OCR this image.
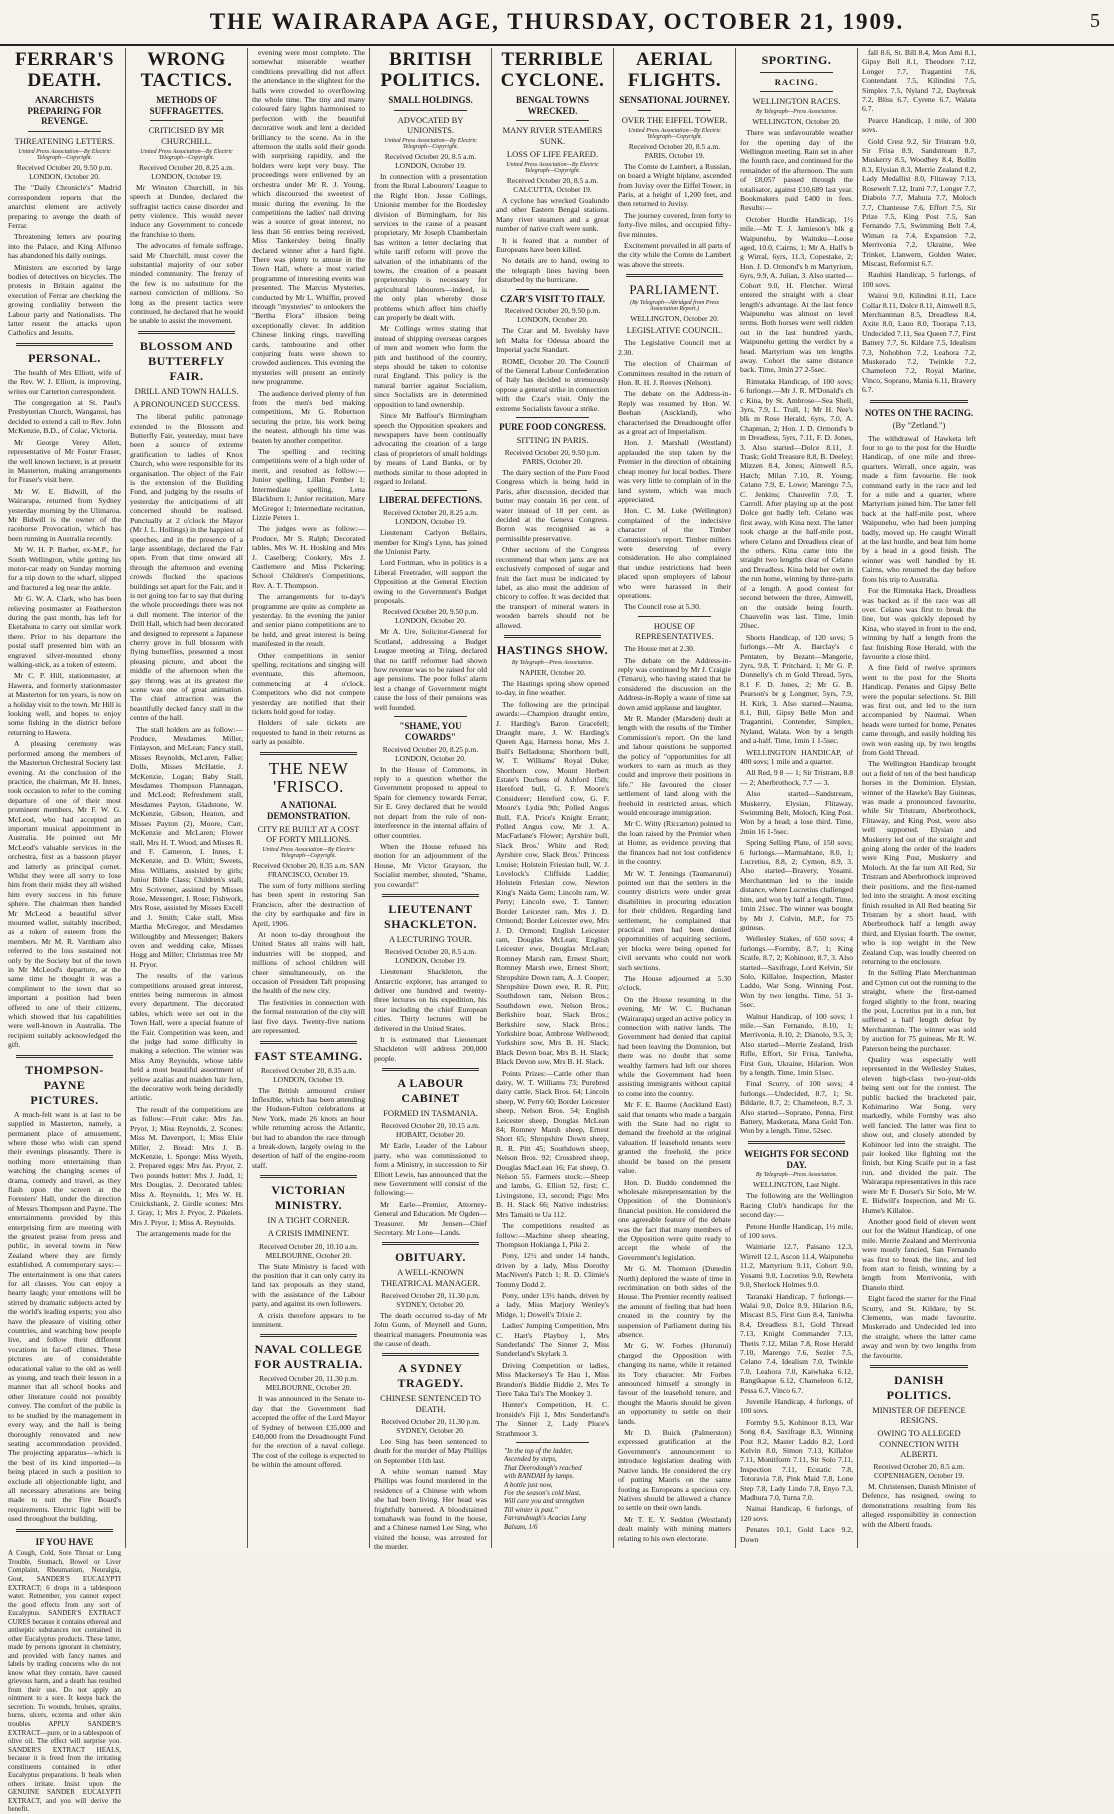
THE WAIRARAPA AGE, THURSDAY, OCTOBER 21, 1909.	5
FERRAR'S DEATH.
ANARCHISTS PREPARING FOR REVENGE.
THREATENING LETTERS.
United Press Association—By Electric Telegraph—Copyright.
Received October 20, 9.50 p.m. LONDON, October 20.

The "Daily Chronicle's" Madrid correspondent reports that the anarchist element are actively preparing to avenge the death of Ferrar.

Threatening letters are pouring into the Palace, and King Alfonso has abandoned his daily outings.

Ministers are escorted by large bodies of detectives on bicycles. The protests in Britain against the execution of Ferrar are checking the growing cordiality between the Labour party and Nationalists. The latter resent the attacks upon Catholics and Jesuits.

PERSONAL.

The health of Mrs Elliott, wife of the Rev. W. J. Elliott, is improving, writes our Carterton correspondent.

The congregation at St. Paul's Presbyterian Church, Wanganui, has decided to extend a call to Rev. John McKenzie, B.D., of Colac, Victoria.

Mr George Verey Allen, representative of Mr Foster Fraser, the well known lecturer, is at present in Masterton, making arrangements for Fraser's visit here.

Mr W. E. Bidwill, of the Wairarapa, returned from Sydney yesterday morning by the Ulimaroa. Mr Bidwill is the owner of the racehorse Provocation, which has been running in Australia recently.

Mr W. H. P. Barber, ex-M.P., for South Wellington, while getting his motor-car ready on Sunday morning for a trip down to the wharf, slipped and fractured a leg near the ankle.

Mr G. W. A. Clark, who has been relieving postmaster at Featherston during the past month, has left for Eketahuna to carry out similar work there. Prior to his departure the postal staff presented him with an engraved silver-mounted ebony walking-stick, as a token of esteem.

Mr C. P. Hill, stationmaster, at Hawera, and formerly stationmaster at Masterton for ten years, is now on a holiday visit to the town. Mr Hill is looking well, and hopes to enjoy some fishing in the district before returning to Hawera.

A pleasing ceremony was performed among the members of the Masterton Orchestral Society last evening. At the conclusion of the practice, the chairman, Mr H. Innes, took occasion to refer to the coming departure of one of their most prominent members, Mr F. W. G. McLeod, who had accepted an important musical appointment in Australia. He pointed out Mr McLeod's valuable services in the orchestra, first as a bassoon player and latterly as principal cornet. Whilst they were all sorry to lose him from their midst they all wished him every success in his future sphere. The chairman then handed Mr McLeod a beautiful silver mounted wallet, suitably inscribed, as a token of esteem from the members. Mr M. R. Varnham also referred to the loss sustained not only by the Society but of the town in Mr McLeod's departure, at the same time he thought it was a compliment to the town that so important a position had been offered to one of their citizens, which showed that his capabilities were well-known in Australia. The recipient suitably acknowledged the gift.

THOMPSON-PAYNE PICTURES.

A much-felt want is at last to be supplied in Masterton, namely, a permanent place of amusement, where those who wish can spend their evenings pleasantly. There is nothing more entertaining than watching the changing scenes of drama, comedy and travel, as they flash upon the screen at the Foresters' Hall, under the direction of Messrs Thompson and Payne. The entertainments provided by this enterprising firm are meeting with the greatest praise from press and public, in several towns in New Zealand where they are firmly established. A contemporary says:—The entertainment is one that caters for all classes. You can enjoy a hearty laugh; your emotions will be stirred by dramatic subjects acted by the world's leading experts; you also have the pleasure of visiting other countries, and watching how people live, and follow their different vocations in far-off climes. These pictures are of considerable educational value to the old as well as young, and teach their lesson in a manner that all school books and other literature could not possibly convey. The comfort of the public is to be studied by the management in every way, and the hall is being thoroughly renovated and new seating accommodation provided. The projecting apparatus—which is the best of its kind imported—is being placed in such a position to exclude all objectionable light, and all necessary alterations are being made to suit the Fire Board's requirements. Electric light will be used throughout the building.

IF YOU HAVE

A Cough, Cold, Sore Throat or Lung Trouble, Stomach, Bowel or Liver Complaint, Rheumatism, Neuralgia, Gout, SANDER'S EUCALYPTI EXTRACT; 6 drops in a tablespoon water. Remember, you cannot expect the good effects from any sort of Eucalyptus. SANDER'S EXTRACT CURES because it contains ethereal and antiseptic substances not contained in other Eucalyptus products. These latter, made by persons ignorant in chemistry, and provided with fancy names and labels by trading concerns who do not know what they contain, have caused grievous harm, and a death has resulted from their use. Do not apply an ointment to a sore. It keeps back the secretion. To wounds, bruises, sprains, burns, ulcers, eczema and other skin troubles APPLY SANDER'S EXTRACT—pure, or in a tablespoon of olive oil. The effect will surprise you. SANDER'S EXTRACT HEALS, because it is freed from the irritating constituents contained in other Eucalyptus preparations. It heals when others irritate. Insist upon the GENUINE SANDER EUCALYPTI EXTRACT, and you will derive the benefit.

WRONG TACTICS.
METHODS OF SUFFRAGETTES.
CRITICISED BY MR CHURCHILL.
United Press Association—By Electric Telegraph—Copyright.
Received October 20, 8.25 a.m. LONDON, October 19.

Mr Winston Churchill, in his speech at Dundee, declared the suffragist tactics cause disorder and petty violence. This would never induce any Government to concede the franchise to them.

The advocates of female suffrage, said Mr Churchill, must cover the substantial majority of our sober minded community. The frenzy of the few is no substitute for the earnest conviction of millions. So long as the present tactics were continued, he declared that he would be unable to assist the movement.

BLOSSOM AND BUTTERFLY FAIR.
DRILL AND TOWN HALLS.
A PRONOUNCED SUCCESS.

The liberal public patronage extended to the Blossom and Butterfly Fair, yesterday, must have been a source of extreme gratification to ladies of Knox Church, who were responsible for its organisation. The object of the Fair is the extension of the Building Fund, and judging by the results of yesterday the anticipations of all concerned should be realised. Punctually at 2 o'clock the Mayor (Mr J. L. Hollings) in the happiest of speeches, and in the presence of a large assemblage, declared the Fair open. From that time onward all through the afternoon and evening crowds flocked the spacious buildings set apart for the Fair, and it is not going too far to say that during the whole proceedings there was not a dull moment. The interior of the Drill Hall, which had been decorated and designed to represent a Japanese cherry grove in full blossom with flying butterflies, presented a most pleasing picture, and about the middle of the afternoon when the gay throng was at its greatest the scene was one of great animation. The chief attraction was the beautifully decked fancy stall in the centre of the hall.

The stall holders are as follow:—Produce, Mesdames Miller, Finlayson, and McLean; Fancy stall, Misses Reynolds, McLaren, Falke; Dolls, Misses McHattie, J. McKenzie, Logan; Baby Stall, Mesdames Thompson Flannagan, and McLeod; Refreshment stall, Mesdames Payton, Gladstone, W. McKenzie, Gibson, Heaton, and Misses Payton (2), Moore, Carr, McKenzie and McLaren; Flower stall, Mrs H. T. Wood, and Misses R. and F. Cameron, I. Innes, I. McKenzie, and D. Whitt; Sweets, Miss Williams, assisted by girls; Junior Bible Class; Children's stall, Mrs Scrivener, assisted by Misses Rose, Messenger, I. Rose; Fishwork, Mrs Rose, assisted by Misses Excell and J. Smith; Cake stall, Miss Martha McGregor, and Mesdames Willoughby and Messenger; Bakers oven and wedding cake, Misses Hogg and Miller; Christmas tree Mr H. Pryor.

The results of the various competitions aroused great interest, entries being numerous in almost every department. The decorated tables, which were set out in the Town Hall, were a special feature of the Fair. Competition was keen, and the judge had some difficulty in making a selection. The winner was Miss Amy Reynolds, whose table held a most beautiful assortment of yellow azalias and maiden hair fern, the decorative work being decidedly artistic.

The result of the competitions are as follow:—Fruit cake: Mrs Jas. Pryor, 1; Miss Reynolds, 2. Scones: Miss M. Davenport, 1; Miss Elsie Miller, 2. Bread: Mrs J. B. McKenzie, 1. Sponge: Miss Wyeth, 2. Prepared eggs: Mrs Jas. Pryor, 2. Two pounds butter: Mrs J. Judd, 1; Mrs Douglas, 2. Decorated tables: Miss A. Reynolds, 1; Mrs W. H. Cruickshank, 2. Girdle scones: Mrs J. Gray, 1; Mrs J. Pryor, 2. Pikelets. Mrs J. Pryor, 1; Miss A. Reynolds.

The arrangements made for the

evening were most complete. The somewhat miserable weather conditions prevailing did not affect the attendance in the slightest for the halls were crowded to overflowing the whole time. The tiny and many coloured fairy lights harmonised to perfection with the beautiful decorative work and lent a decided brilliancy to the scene. As in the afternoon the stalls sold their goods with surprising rapidity, and the holders were kept very busy. The proceedings were enlivened by an orchestra under Mr R. J. Young, which discoursed the sweetest of music during the evening. In the competitions the ladies' nail driving was a source of great interest, no less than 56 entries being received, Miss Tankersley being finally declared winner after a hard fight. There was plenty to amuse in the Town Hall, where a most varied programme of interesting events was presented. The Marcus Mysteries, conducted by Mr L. Whiffin, proved through "mysteries" to onlookers the "Bertha Flora" illusion being exceptionally clever. In addition Chinese linking rings, travelling cards, tambourine and other conjuring feats were shown to crowded audiences. This evening the mysteries will present an entirely new programme.

The audience derived plenty of fun from the men's bed making competitions, Mr G. Robertson securing the prize, his work being the neatest, although his time was beaten by another competitor.

The spelling and reciting competitions were of a high order of merit, and resulted as follow:—Junior spelling, Lillan Pember 1; Intermediate spelling, Lena Blackburn 1; Junior recitation, Mary McGregor 1; Intermediate recitation, Lizzie Peters 1.

The judges were as follow:—Produce, Mr S. Ralph; Decorated tables, Mrs W. H. Hosking and Mrs J. Caselberg; Cookery, Mrs J. Castlemere and Miss Pickering; School Children's Competitions, Rev. A. T. Thompson.

The arrangements for to-day's programme are quite as complete as yesterday. In the evening the junior and senior piano competitions are to be held, and great interest is being manifested in the result.

Other competitions in senior spelling, recitations and singing will eventuate, this afternoon, commencing at 4 o'clock. Competitors who did not compete yesterday are notified that their tickets hold good for today.

Holders of sale tickets are requested to hand in their returns as early as possible.

THE NEW 'FRISCO.
A NATIONAL DEMONSTRATION.
CITY RE BUILT AT A COST OF FORTY MILLIONS.
United Press Association—By Electric Telegraph—Copyright.
Received October 20, 8.35 a.m. SAN FRANCISCO, October 19.

The sum of forty millions sterling has been spent in restoring San Francisco, after the destruction of the city by earthquake and fire in April, 1906.

At noon to-day throughout the United States all trains will halt, industries will be stopped, and millions of school children will cheer simultaneously, on the occasion of President Taft proposing the health of the new city.

The festivities in connection with the formal restoration of the city will last five days. Twenty-five nations are represented.

FAST STEAMING.
Received October 20, 8.35 a.m. LONDON, October 19.

The British armoured cruiser Inflexible, which has been attending the Hudson-Fulton celebrations at New York, made 26 knots an hour while returning across the Atlantic, but had to abandon the race through a break-down, largely owing to the desertion of half of the engine-room staff.

VICTORIAN MINISTRY.
IN A TIGHT CORNER.
A CRISIS IMMINENT.
Received October 20, 10.10 a.m. MELBOURNE, October 20.

The State Ministry is faced with the position that it can only carry its land tax proposals as they stand, with the assistance of the Labour party, and against its own followers.

A crisis therefore appears to be imminent.

NAVAL COLLEGE FOR AUSTRALIA.
Received October 20, 11.30 p.m. MELBOURNE, October 20.

It was announced in the Senate to-day that the Government had accepted the offer of the Lord Mayor of Sydney of between £35,000 and £40,000 from the Dreadnought Fund for the erection of a naval college. The cost of the college is expected to be within the amount offered.

BRITISH POLITICS.
SMALL HOLDINGS.
ADVOCATED BY UNIONISTS.
United Press Association—By Electric Telegraph—Copyright.
Received October 20, 8.5 a.m. LONDON, October 19.

In connection with a presentation from the Rural Labourers' League to the Right Hon. Jesse Collings, Unionist member for the Bordesley division of Birmingham, for his services to the cause of a peasant proprietary, Mr Joseph Chamberlain has written a letter declaring that while tariff reform will prove the salvation of the inhabitants of the towns, the creation of a peasant proprietorship is necessary for agricultural labourers—indeed, is the only plan whereby those problems which affect him chiefly can properly be dealt with.

Mr Collings writes stating that instead of shipping overseas cargoes of men and women who form the pith and lustihood of the country, steps should be taken to colonise rural England. This policy is the natural barrier against Socialism, since Socialists are in determined opposition to land ownership.

Since Mr Balfour's Birmingham speech the Opposition speakers and newspapers have been continually advocating the creation of a large class of proprietors of small holdings by means of Land Banks, or by methods similar to those adopted in regard to Ireland.

LIBERAL DEFECTIONS.
Received October 20, 8.25 a.m. LONDON, October 19.

Lieutenant Carlyon Bellairs, member for King's Lynn, has joined the Unionist Party.

Lord Fortman, who in politics is a Liberal Freetrader, will support the Opposition at the General Election owing to the Government's Budget proposals.

Received October 20, 9.50 p.m. LONDON, October 20.

Mr A. Ure, Solicitor-General for Scotland, addressing a Budget League meeting at Tring, declared that no tariff reformer had shown how revenue was to be raised for old age pensions. The poor folks' alarm lest a change of Government might cause the loss of their pensions was well founded.

"SHAME, YOU COWARDS"
Received October 20, 8.25 p.m. LONDON, October 20.

In the House of Commons, in reply to a question whether the Government proposed to appeal to Spain for clemency towards Ferrar, Sir E. Grey declared that he would not depart from the rule of non-interference in the internal affairs of other countries.

When the House refused his motion for an adjournment of the House, Mr Victor Grayson, the Socialist member, shouted, "Shame, you cowards!"

LIEUTENANT SHACKLETON.
A LECTURING TOUR.
Received October 20, 8.5 a.m. LONDON, October 19.

Lieutenant Shackleton, the Antarctic explorer, has arranged to deliver one hundred and twenty-three lectures on his expedition, his tour including the chief European cities. Thirty lectures will be delivered in the United States.

It is estimated that Lieutenant Shackleton will address 200,000 people.

A LABOUR CABINET
FORMED IN TASMANIA.
Received October 20, 10.15 a.m. HOBART, October 20.

Mr Earle, Leader of the Labour party, who was commissioned to form a Ministry, in succession to Sir Elliott Lewis, has announced that the new Government will consist of the following:—

Mr Earle—Premier, Attorney-General and Education. Mr Ogden—Treasurer. Mr Jensen—Chief Secretary. Mr Lone—Lands.

OBITUARY.
A WELL-KNOWN THEATRICAL MANAGER.
Received October 20, 11.30 p.m. SYDNEY, October 20.

The death occurred to-day of Mr John Gunn, of Meynell and Gunn, theatrical managers. Pneumonia was the cause of death.

A SYDNEY TRAGEDY.
CHINESE SENTENCED TO DEATH.
Received October 20, 11.30 p.m. SYDNEY, October 20.

Lee Sing has been sentenced to death for the murder of May Phillips on September 11th last.

A white woman named May Phillips was found murdered in the residence of a Chinese with whom she had been living. Her head was frightfully battered. A bloodstained tomahawk was found in the house, and a Chinese named Lee Sing, who visited the house, was arrested for the murder.

TERRIBLE CYCLONE.
BENGAL TOWNS WRECKED.
MANY RIVER STEAMERS SUNK.
LOSS OF LIFE FEARED.
United Press Association—By Electric Telegraph—Copyright.
Received October 20, 8.5 a.m. CALCUTTA, October 19.

A cyclone has wrecked Goalundo and other Eastern Bengal stations. Many river steamers and a great number of native craft were sunk.

It is feared that a number of Europeans have been killed.

No details are to hand, owing to the telegraph lines having been disturbed by the hurricane.

CZAR'S VISIT TO ITALY.
Received October 20, 9.50 p.m. LONDON, October 20.

The Czar and M. Isvolsky have left Malta for Odessa aboard the Imperial yacht Standart.

ROME, October 20. The Council of the General Labour Confederation of Italy has decided to strenuously oppose a general strike in connection with the Czar's visit. Only the extreme Socialists favour a strike.

PURE FOOD CONGRESS.
SITTING IN PARIS.
Received October 20, 9.50 p.m. PARIS, October 20.

The dairy section of the Pure Food Congress which is being held in Paris, after discussion, decided that butter may contain 16 per cent. of water instead of 18 per cent. as decided at the Geneva Congress. Boron was recognised as a permissible preservative.

Other sections of the Congress recommend that when jams are not exclusively composed of sugar and fruit the fact must be indicated by label, as also must the addition of chicory to coffee. It was decided that the transport of mineral waters in wooden barrels should not be allowed.

HASTINGS SHOW.
By Telegraph—Press Association.
NAPIER, October 20.

The Hastings spring show opened to-day, in fine weather.

The following are the principal awards:—Champion draught entire, J. Harding's Baron Gracefell; Draught mare, J. W. Harding's Queen Aga; Harness horse, Mrs J. Bull's Belladonna; Shorthorn bull, W. T. Williams' Royal Duke; Shorthorn cow, Mount Herbert Estate's Duchess of Ashford 15th; Hereford bull, G. F. Moore's Considerer; Hereford cow, G. F. Moore's Lydia 9th; Polled Angus Bull, F.A. Price's Knight Errant; Polled Angus cow, Mr J. A. MacFarlane's Flower; Ayrshire bull, Slack Bros.' White and Red; Ayrshire cow, Slack Bros.' Princess Louise; Holstein Friesian bull, W. J. Lovelock's Cliffside Laddie; Holstein Friesian cow, Newton King's Naida Gem; Lincoln ram, W. Perry; Lincoln ewe, T. Tanner; Border Leicester ram, Mrs J. D. Ormond; Border Leicester ewe, Mrs J. D. Ormond; English Leicester ram, Douglas McLean; English Leicester ewe, Douglas McLean; Romney Marsh ram, Ernest Short; Romney Marsh ewe, Ernest Short; Shropshire Down ram, A. J. Cooper; Shropshire Down ewe, R. R. Pitt; Southdown ram, Nelson Bros.; Southdown ewe, Nelson Bros.; Berkshire boar, Slack Bros.; Berkshire sow, Slack Bros.; Yorkshire boar, Ambrose Wellwood; Yorkshire sow, Mrs B. H. Slack; Black Devon boar, Mrs B. H. Slack; Black Devon sow, Mrs B. H. Slack.

Points Prizes:—Cattle other than dairy, W. T. Williams 73; Purebred dairy cattle, Slack Bros. 64; Lincoln sheep, W. Perry 60; Border Leicester sheep, Nelson Bros. 54; English Leicester sheep, Douglas McLean 84; Romney Marsh sheep, Ernest Short 65; Shropshire Down sheep, R. R. Pitt 45; Southdown sheep, Nelson Bros. 92; Crossbred sheep, Douglas MacLean 16; Fat sheep, O. Nelson 55. Farmers stock:—Sheep and lambs, G. Elliott 52, first; C. Livingstone, 13, second; Pigs: Mrs B. H. Slack 66; Native industries: Mrs Tamaiti te Ua 112.

The competitions resulted as follow:—Machine sheep shearing, Thompson Hokianga 1, Piki 2.

Pony, 12½ and under 14 hands, driven by a lady, Miss Dorothy MacNiven's Patch 1; R. D. Climie's Tommy Dodd 2.

Pony, under 13½ hands, driven by a lady, Miss Marjory Wenley's Midge, 1; Dowell's Trixie 2.

Ladies' Jumping Competition, Mrs C. Hart's Playboy 1, Mrs Sunderlands' The Sinner 2, Miss Sunderland's Skylark 3.

Driving Competition or ladies, Miss Mackersey's Te Hau 1, Miss Brandon's Biddie Biddie 2, Mrs Te Tiere Taka Tai's The Monkey 3.

Hunter's Competition, H. C. Ironside's Fiji 1, Mrs Sunderland's The Sinner 2, Lady Pluce's Strathmoor 3.

"In the top of the ladder,
Ascended by steps,
That Deerodough's reached
with RANDAH by lamps.
A bottle just now,
For the season's cold blast,
Will cure you and strengthen
Till winter is past."
Farrandough's Acacias Lung Balsam, 1/6
AERIAL FLIGHTS.
SENSATIONAL JOURNEY.
OVER THE EIFFEL TOWER.
United Press Association—By Electric Telegraph—Copyright.
Received October 20, 8.5 a.m. PARIS, October 19.

The Comte de Lambert, a Russian, on board a Wright biplane, ascended from Juvisy over the Eiffel Tower, in Paris, at a height of 1,200 feet, and then returned to Juvisy.

The journey covered, from forty to forty-five miles, and occupied fifty-five minutes.

Excitement prevailed in all parts of the city while the Comte de Lambert was above the streets.

PARLIAMENT.
(By Telegraph—Abridged from Press Association Report.)
WELLINGTON, October 20.
LEGISLATIVE COUNCIL.

The Legislative Council met at 2.30.

The election of Chairman of Committees resulted in the return of Hon. R. H. J. Reeves (Nelson).

The debate on the Address-in-Reply was resumed by Hon. W. Beehan (Auckland), who characterised the Dreadnought offer as a great act of Imperialism.

Hon. J. Marshall (Westland) applauded the step taken by the Premier in the direction of obtaining cheap money for local bodies. There was very little to complain of in the land system, which was much appreciated.

Hon. C. M. Luke (Wellington) complained of the indecisive character of the Timber Commission's report. Timber millers were deserving of every consideration. He also complained that undue restrictions had been placed upon employers of labour who were harassed in their operations.

The Council rose at 5.30.

HOUSE OF REPRESENTATIVES.

The House met at 2.30.

The debate on the Address-in-reply was continued by Mr J. Craigie (Timaru), who having stated that he considered the discussion on the Address-in-Reply a waste of time sat down amid applause and laughter.

Mr R. Mander (Marsden) dealt at length with the results of the Timber Commission's report. On the land and labour questions he supported the policy of "opportunities for all workers to earn as much as they could and improve their positions in life." He favoured the closer settlement of land along with the freehold in restricted areas, which would encourage immigration.

Mr C. Witty (Riccarton) pointed to the loan raised by the Premier when at Home, as evidence proving that the finances had not lost confidence in the country.

Mr W. T. Jennings (Taumarunui) pointed out that the settlers in the country districts were under great disabilities in procuring education for their children. Regarding land settlement, he complained that practical men had been denied opportunities of acquiring sections, yet blocks were being opened for civil servants who could not work such sections.

The House adjourned at 5.30 o'clock.

On the House resuming in the evening, Mr W. C. Buchanan (Wairarapa) urged an active policy in connection with native lands. The Government had denied that capital had been leaving the Dominion, but there was no doubt that some wealthy farmers had left our shores while the Government had been assisting immigrants without capital to come into the country.

Mr F. E. Baume (Auckland East) said that tenants who made a bargain with the State had no right to demand the freehold at the original valuation. If leasehold tenants were granted the freehold, the price should be based on the present value.

Hon. D. Buddo condemned the wholesale misrepresentation by the Opposition of the Dominion's financial position. He considered the one agreeable feature of the debate was the fact that many members of the Opposition were quite ready to accept the whole of the Government's legislation.

Mr G. M. Thomson (Dunedin North) deplored the waste of time in recrimination on both sides of the House. The Premier recently realised the amount of feeling that had been created in the country by the suspension of Parliament during his absence.

Mr G. W. Forbes (Hurunui) charged the Opposition with changing its name, while it retained its Tory character. Mr Forbes announced himself a strongly in favour of the leasehold tenure, and thought the Maoris should be given an opportunity to settle on their lands.

Mr D. Buick (Palmerston) expressed gratification at the Government's announcement to introduce legislation dealing with Native lands. He considered the cry of putting Maoris on the same footing as Europeans a specious cry. Natives should be allowed a chance to settle on their own lands.

Mr T. E. Y. Seddon (Westland) dealt mainly with mining matters relating to his own electorate.

SPORTING.
RACING.
WELLINGTON RACES.
By Telegraph—Press Association.
WELLINGTON, October 20.

There was unfavourable weather for the opening day of the Wellington meeting. Rain set in after the fourth race, and continued for the remainder of the afternoon. The sum of £8,057 passed through the totalisator, against £10,689 last year. Bookmakers paid £400 in fees. Results:—

October Hurdle Handicap, 1½ mile.—Mr T. J. Jamieson's blk g Waipunehu, by Waituku—Loose aged, 10.0, Cairns, 1; Mr A. Hall's b g Wirral, 6yrs, 11.3, Copestake, 2; Hon. J. D. Ormond's b m Martyrium, 6yrs, 9.9, A. Julian, 3. Also started—Cohort 9.0, H. Fletcher. Wirral entered the straight with a clear length's advantage. At the last fence Waipunehu was almost on level terms. Both horses were well ridden out in the last hundred yards, Waipunehu getting the verdict by a head. Martyrium was ten lengths away. Cohort the same distance back. Time, 3min 27 2-5sec.

Rimutaka Handicap, of 100 sovs; 6 furlongs.—Mr J. R. M'Donald's ch c Kina, by St. Ambrose—Sea Shell, 3yrs, 7.9, L. Trull, 1; Mr H. Nee's blk m Rose Herald, 6yrs, 7.0, A. Chapman, 2; Hon. J. D. Ormond's b m Dreadless, 5yrs, 7.11, F. D. Jones, 3. Also started—Dolce 8.11, J. Trask; Gold Treasure 8.8, B. Deeley; Mizzen 8.4, Jones; Aimwell 8.5, Hatch; Milan 7.10, R. Young; Celano 7.9, E. Lowe; Marengo 7.5, C. Jenkins; Chauvelin 7.0, T. Carroll. After playing up at the post Dolce got badly left. Celano was first away, with Kina next. The latter took charge at the half-mile post, where Celano and Dreadless clear of the others. Kina came into the straight two lengths clear of Celano and Dreadless. Kina held her own in the run home, winning by three-parts of a length. A good contest for second between the three, Aimwell, on the outside being fourth. Chauvelin was last. Time, 1min 20sec.

Shorts Handicap, of 120 sovs; 5 furlongs.—Mr A. Barclay's c Pentaten, by Bezant—Mangerie, 2yrs, 9.8, T. Pritchard, 1; Mr G. P. Donnelly's ch m Gold Thread, 5yrs, 8.1 F. D. Jones, 2; Mr G. B. Pearson's br g Longmer, 5yrs, 7.9, H. Kirk, 3. Also started—Nauma, 8.1, Bill, Gipsy Belle Mon and Tragantini, Contender, Simplex, Nyland, Walata. Won by a length and a-half. Time, 1min 1 1-5sec.

WELLINGTON HANDICAP, of 400 sovs; 1 mile and a quarter.

All Red, 9 8 — 1; Sir Tristram, 8.8 — 2; Aberbrothock, 7.7 — 3.

Also started—Sandstream, Muskerry, Elysian, Flitaway, Swimming Belt, Moloch, King Post. Won by a head; a lose third. Time, 2min 16 1-5sec.

Spring Selling Plate, of 150 sovs; 6 furlongs.—Marmahtane, 8.0, 1; Lucretius, 8.8, 2; Cymon, 8.9, 3. Also started—Bravery, Yosami. Merchantman led to the inside distance, where Lucretius challenged him, and won by half a length. Time, 1min 21sec. The winner was bought by Mr J. Colvin, M.P., for 75 guineas.

Wellesley Stakes, of 650 sovs; 4 furlongs.—Formby, 8.7, 1; King Scaife, 8.7, 2; Kohinoor, 8.7, 3. Also started—Saxifrage, Lord Kelvin, Sir Solo, Killaloe, Inspection, Master Laddo, War Song. Winning Post. Won by two lengths. Time, 51 3-5sec.

Walnut Handicap, of 100 sovs; 1 mile.—San Fernando, 8.10, 1; Merrivonia, 8.10, 2; Dianolo, 9.5, 3; Also started—Merrie Zealand, Irish Rifle, Effort, Sir Frisa, Taniwha, First Gun, Ukraine, Hilarion. Won by a length. Time, 1min 51sec.

Final Scurry, of 100 sovs; 4 furlongs.—Undecided, 8.7, 1; St. Bildarie, 8.7, 2; Chameleon, 8.7, 3. Also started—Soprano, Penna, First Battery, Maskerata, Mana Gold Ton. Won by a length. Time, 52sec.

WEIGHTS FOR SECOND DAY.
By Telegraph—Press Association.
WELLINGTON, Last Night.

The following are the Wellington Racing Club's handicaps for the second day:—

Petone Hurdle Handicap, 1½ mile, of 100 sovs.

Waimarie 12.7, Paisano 12.3, Wirrell 12.1, Ascon 11.4, Waipunehu 11.2, Martyrium 9.11, Cohort 9.0, Yosami 9.0, Lucretius 9.0, Rewheta 9.0, Sherlock Holmes 9.0.

Taranaki Handicap, 7 furlongs.—Walai 9.0, Dolce 8.9, Hilarion 8.6, Miscast 8.5, First Gun 8.4, Taniwha 8.4, Dreadless 8.1, Gold Thread 7.13, Knight Commander 7.13, Thetis 7.12, Milan 7.8, Rose Herald 7.10, Marengo 7.6, Sezler 7.5, Celano 7.4, Idealism 7.0, Twinkle 7.0, Leahora 7.0, Kaiwhaka 6.12, Rangikapue 6.12, Chameleon 6.12, Pessa 6.7, Vinco 6.7.

Juvenile Handicap, 4 furlongs, of 100 sovs.

Formby 9.5, Kohinoor 8.13, War Song 8.4, Saxifrage 8.3, Winning Post 8.2, Master Laddo 8.2, Lord Kelvin 8.0, Simon 7.13, Killaloe 7.11, Monitform 7.11, Sir Solo 7.11, Inspection 7.11, Ecstatic 7.8, Totoravia 7.8, Pink Maid 7.8, Lone Step 7.8, Lady Lindo 7.8, Enyo 7.3, Madhura 7.0, Turna 7.0.

Nainai Handicap, 6 furlongs, of 120 sovs.

Penates 10.1, Gold Lace 9.2, Down

fall 8.6, St. Bill 8.4, Mon Ami 8.1, Gipsy Bell 8.1, Theodore 7.12, Longer 7.7, Tragantini 7.6, Contendant 7.5, Kilindini 7.5, Simplex 7.5, Nyland 7.2, Daybreak 7.2, Bliss 6.7, Cyrene 6.7, Walata 6.7.

Pearce Handicap, 1 mile, of 300 sovs.

Gold Crest 9.2, Sir Tristram 9.0, Sir Frisa 8.9, Sandstream 8.7, Muskerry 8.5, Woodbey 8.4, Bollin 8.3, Elysian 8.3, Merrie Zealand 8.2, Lady Medallist 8.0, Flitaway 7.13, Rosewelt 7.12, Irani 7.7, Longer 7.7, Diabolo 7.7, Mahuta 7.7, Moloch 7.7, Chanteuse 7.6, Effort 7.5, Sir Prize 7.5, King Post 7.5, San Fernando 7.5, Swimming Belt 7.4, Wiman ra 7.4, Expansion 7.2, Merrivonia 7.2, Ukraine, Wee Trinket, Llanwern, Golden Water, Miscast, Reformist 6.7.

Rauhini Handicap, 5 furlongs, of 100 sovs.

Wairoi 9.0, Kilindini 8.11, Lace Collar 8.11, Dolce 8.11, Aimwell 8.5, Merchantman 8.5, Dreadless 8.4, Axite 8.0, Lauo 8.0, Toorapa 7.13, Undecided 7.11, Sea Queen 7.7, First Battery 7.7, St. Kildare 7.5, Idealism 7.3, Nohobhon 7.2, Leahora 7.2, Muskerado 7.2, Twinkle 7.2, Chameleon 7.2, Royal Marine, Vinco, Soprano, Mania 6.11, Bravery 6.7.

NOTES ON THE RACING.
(By "Zetland.")

The withdrawal of Hawketa left four to go to the post for the Hurdle Handicap, of one mile and three-quarters. Wirrall, once again, was made a firm favourite. He took command early in the race and led for a mile and a quarter, where Martyrium joined him. The latter fell back at the half-mile post, where Waipunehu, who had been jumping badly, moved up. He caught Wirrall at the last hurdle, and beat him home by a head in a good finish. The winner was well handled by H. Cairns, who returned the day before from his trip to Australia.

For the Rimutaka Hack, Dreadless was backed as if the race was all over. Celano was first to break the line, but was quickly deposed by Kina, who stayed in front to the end, winning by half a length from the fast finishing Rose Herald, with the favourite a close third.

A fine field of twelve sprinters went to the post for the Shorts Handicap. Penates and Gipsy Belle were the popular selections. St. Bill was first out, and led to the turn accompanied by Naumai. When heads were turned for home, Penates came through, and easily holding his own won easing up, by two lengths from Gold Thread.

The Wellington Handicap brought out a field of ten of the best handicap horses in the Dominion. Elysian, winner of the Hawke's Bay Guineas, was made a pronounced favourite, while Sir Tristram, Aberbrothock, Flitaway, and King Post, were also well supported. Elysian and Muskerry led out of the straight and going along the order of the leaders were King Post, Muskerry and Moloch. At the far turn All Red, Sir Tristram and Aberbrothock improved their positions, and the first-named led into the straight. A most exciting finish resulted in All Red beating Sir Tristram by a short head, with Aberbrothock half a length away third, and Elysian fourth. The owner, who is top weight in the New Zealand Cup, was loudly cheered on returning to the enclosure.

In the Selling Plate Merchantman and Cymon cut out the running to the straight, where the first-named forged slightly to the front, nearing the post, Lucretius put in a run, but suffered a half length defeat by Merchantman. The winner was sold by auction for 75 guineas, Mr R. W. Paterson being the purchaser.

Quality was especially well represented in the Wellesley Stakes, eleven high-class two-year-olds being sent out for the contest. The public backed the bracketed pair, Kohimarino War Song, very markedly, while Formby was also well fancied. The latter was first to show out, and closely attended by Kohinoor led into the straight. The pair looked like fighting out the finish, but King Scaife put in a fast run, and divided the pair. The Wairarapa representatives in this race were Mr F. Dorset's Sir Solo, Mr W. E. Bidwill's Inspection, and Mr G. Hume's Killaloe.

Another good field of eleven went out for the Walnut Handicap, of one mile. Merrie Zealand and Merrivonia were mostly fancied, San Fernando was first to break the line, and led from start to finish, winning by a length from Merrivonia, with Dianolo third.

Eight faced the starter for the Final Scurry, and St. Kildare, by St. Clements, was made favourite. Muskerado and Undecided led into the straight, where the latter came away and won by two lengths from the favourite.

DANISH POLITICS.
MINISTER OF DEFENCE RESIGNS.
OWING TO ALLEGED CONNECTION WITH ALBERTI.
Received October 20, 8.5 a.m. COPENHAGEN, October 19.

M. Christensen, Danish Minister of Defence, has resigned, owing to demonstrations resulting from his alleged responsibility in connection with the Alberti frauds.
